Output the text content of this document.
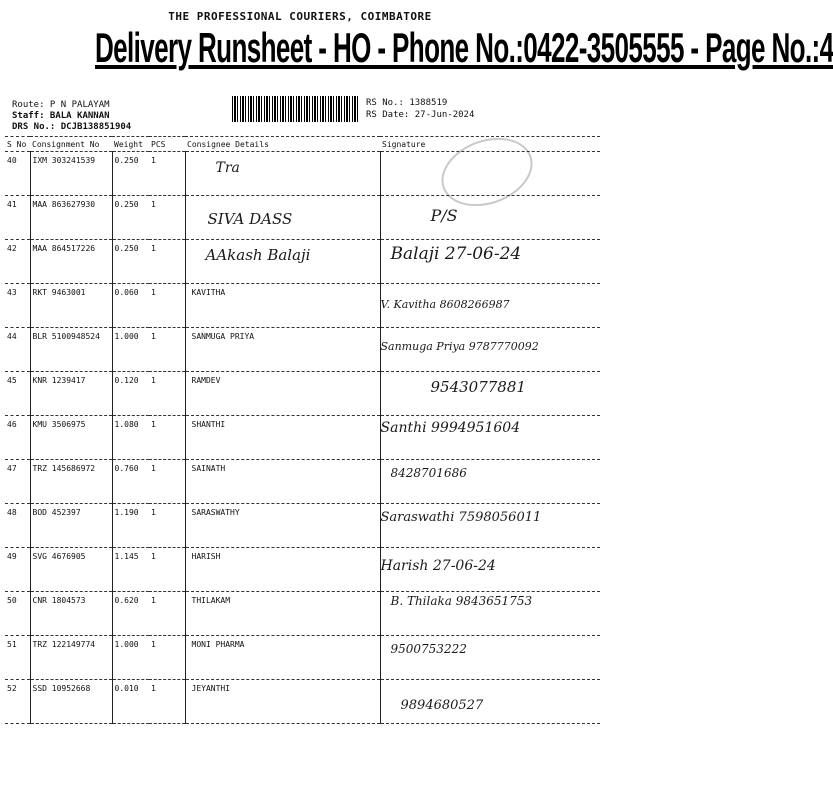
THE PROFESSIONAL COURIERS, COIMBATORE
Delivery Runsheet - HO - Phone No.:0422-3505555 - Page No.:4
Route: P N PALAYAM
Staff: BALA KANNAN
DRS No.: DCJB138851904
RS No.: 1388519
RS Date: 27-Jun-2024
S No	Consignment No	Weight	PCS	Consignee Details	Signature
40	IXM 303241539	0.250	1	Tra	

41	MAA 863627930	0.250	1	SIVA DASS	P/S

42	MAA 864517226	0.250	1	AAkash Balaji	Balaji 27-06-24

43	RKT 9463001	0.060	1	KAVITHA	V. Kavitha 8608266987

44	BLR 5100948524	1.000	1	SANMUGA PRIYA	Sanmuga Priya 9787770092

45	KNR 1239417	0.120	1	RAMDEV	9543077881

46	KMU 3506975	1.080	1	SHANTHI	Santhi 9994951604

47	TRZ 145686972	0.760	1	SAINATH	8428701686

48	BOD 452397	1.190	1	SARASWATHY	Saraswathi 7598056011

49	SVG 4676905	1.145	1	HARISH	Harish 27-06-24

50	CNR 1804573	0.620	1	THILAKAM	B. Thilaka 9843651753

51	TRZ 122149774	1.000	1	MONI PHARMA	9500753222

52	SSD 10952668	0.010	1	JEYANTHI	9894680527
